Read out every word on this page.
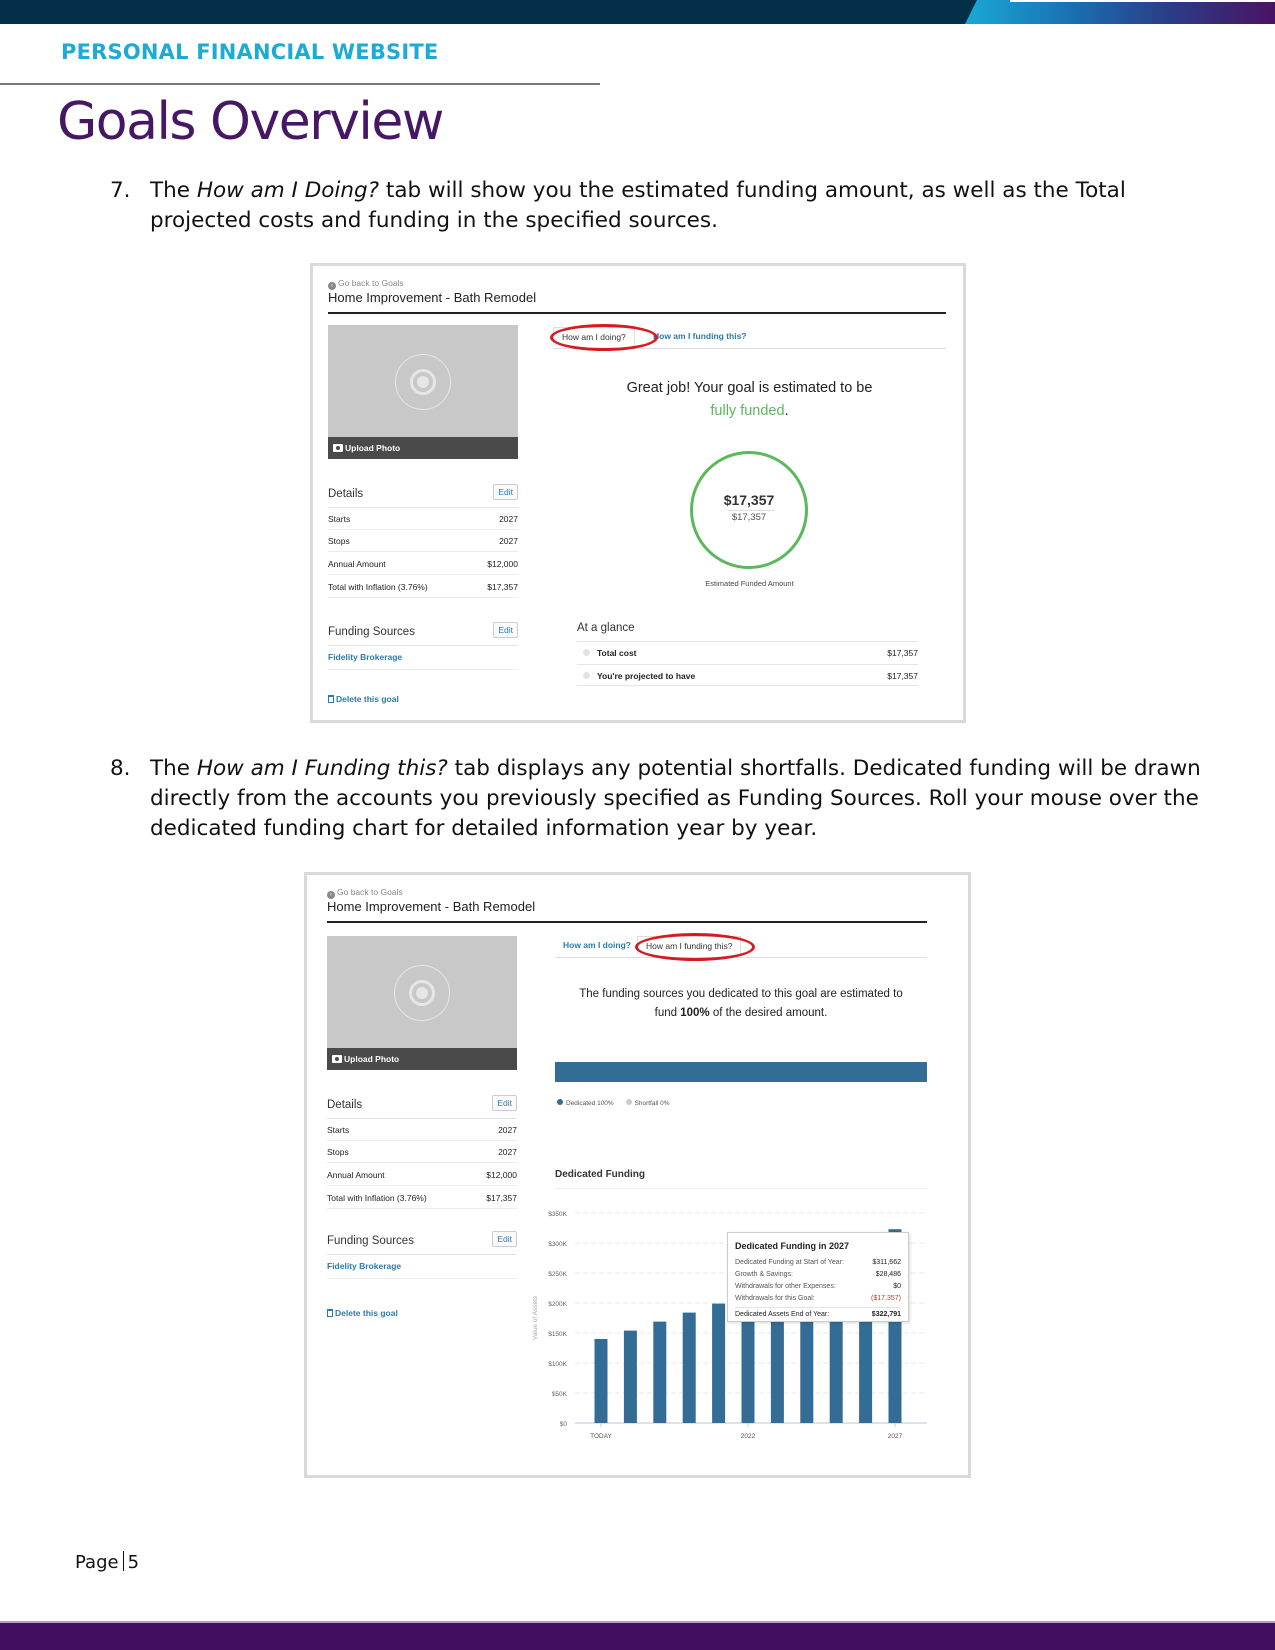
PERSONAL FINANCIAL WEBSITE
Goals Overview
7. The How am I Doing? tab will show you the estimated funding amount, as well as the Total projected costs and funding in the specified sources.
‹ Go back to Goals
Home Improvement - Bath Remodel
Upload Photo
Details	Edit
Starts	2027
Stops	2027
Annual Amount	$12,000
Total with Inflation (3.76%)	$17,357
Funding Sources	Edit
Fidelity Brokerage
Delete this goal
How am I doing?	How am I funding this?
Great job! Your goal is estimated to be
fully funded.
$17,357
$17,357
Estimated Funded Amount
At a glance
Total cost	$17,357
You're projected to have	$17,357
8. The How am I Funding this? tab displays any potential shortfalls. Dedicated funding will be drawn directly from the accounts you previously specified as Funding Sources. Roll your mouse over the dedicated funding chart for detailed information year by year.
‹ Go back to Goals
Home Improvement - Bath Remodel
Upload Photo
Details	Edit
Starts	2027
Stops	2027
Annual Amount	$12,000
Total with Inflation (3.76%)	$17,357
Funding Sources	Edit
Fidelity Brokerage
Delete this goal
How am I doing?	How am I funding this?
The funding sources you dedicated to this goal are estimated to
fund 100% of the desired amount.
Dedicated 100%	Shortfall 0%
Dedicated Funding
$0
$50K
$100K
$150K
$200K
$250K
$300K
$350K
Value of Assets
TODAY	2022	2027
Dedicated Funding in 2027
Dedicated Funding at Start of Year:	$311,662
Growth & Savings:	$28,486
Withdrawals for other Expenses:	$0
Withdrawals for this Goal:	($17,357)
Dedicated Assets End of Year:	$322,791
Page 5
